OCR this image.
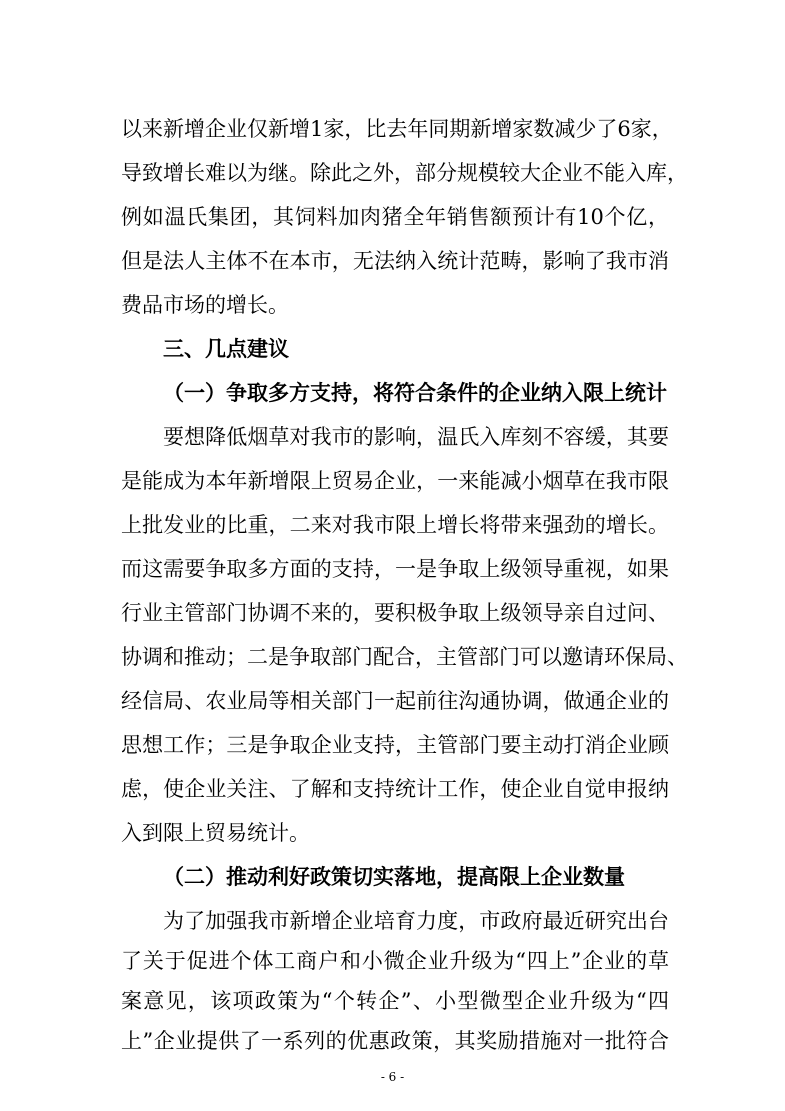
以来新增企业仅新增1家，比去年同期新增家数减少了6家，
导致增长难以为继。除此之外，部分规模较大企业不能入库，
例如温氏集团，其饲料加肉猪全年销售额预计有10个亿，
但是法人主体不在本市，无法纳入统计范畴，影响了我市消
费品市场的增长。
三、几点建议
（一）争取多方支持，将符合条件的企业纳入限上统计
要想降低烟草对我市的影响，温氏入库刻不容缓，其要
是能成为本年新增限上贸易企业，一来能减小烟草在我市限
上批发业的比重，二来对我市限上增长将带来强劲的增长。
而这需要争取多方面的支持，一是争取上级领导重视，如果
行业主管部门协调不来的，要积极争取上级领导亲自过问、
协调和推动；二是争取部门配合，主管部门可以邀请环保局、
经信局、农业局等相关部门一起前往沟通协调，做通企业的
思想工作；三是争取企业支持，主管部门要主动打消企业顾
虑，使企业关注、了解和支持统计工作，使企业自觉申报纳
入到限上贸易统计。
（二）推动利好政策切实落地，提高限上企业数量
为了加强我市新增企业培育力度，市政府最近研究出台
了关于促进个体工商户和小微企业升级为“四上”企业的草
案意见，该项政策为“个转企”、小型微型企业升级为“四
- 6 -
上”企业提供了一系列的优惠政策，其奖励措施对一批符合
